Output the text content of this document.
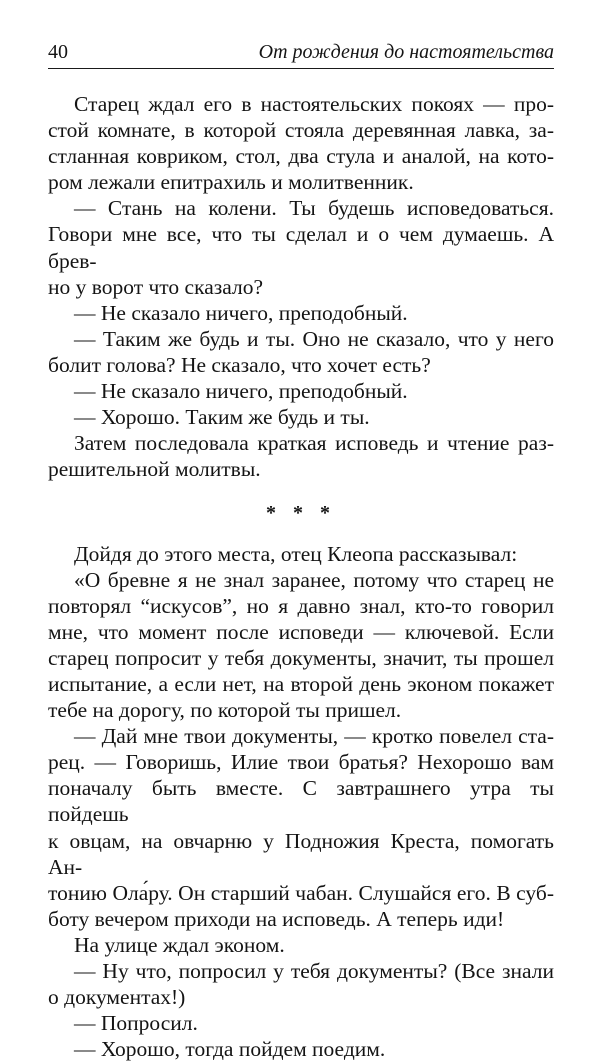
40	От рождения до настоятельства

Старец ждал его в настоятельских покоях — про-
стой комнате, в которой стояла деревянная лавка, за-
стланная ковриком, стол, два стула и аналой, на кото-
ром лежали епитрахиль и молитвенник.

— Стань на колени. Ты будешь исповедоваться.
Говори мне все, что ты сделал и о чем думаешь. А брев-
но у ворот что сказало?

— Не сказало ничего, преподобный.

— Таким же будь и ты. Оно не сказало, что у него
болит голова? Не сказало, что хочет есть?

— Не сказало ничего, преподобный.

— Хорошо. Таким же будь и ты.

Затем последовала краткая исповедь и чтение раз-
решительной молитвы.

* * *

Дойдя до этого места, отец Клеопа рассказывал:

«О бревне я не знал заранее, потому что старец не
повторял “искусов”, но я давно знал, кто-то говорил
мне, что момент после исповеди — ключевой. Если
старец попросит у тебя документы, значит, ты прошел
испытание, а если нет, на второй день эконом покажет
тебе на дорогу, по которой ты пришел.

— Дай мне твои документы, — кротко повелел ста-
рец. — Говоришь, Илие твои братья? Нехорошо вам
поначалу быть вместе. С завтрашнего утра ты пойдешь
к овцам, на овчарню у Подножия Креста, помогать Ан-
тонию Ола́ру. Он старший чабан. Слушайся его. В суб-
боту вечером приходи на исповедь. А теперь иди!

На улице ждал эконом.

— Ну что, попросил у тебя документы? (Все знали
о документах!)

— Попросил.

— Хорошо, тогда пойдем поедим.
